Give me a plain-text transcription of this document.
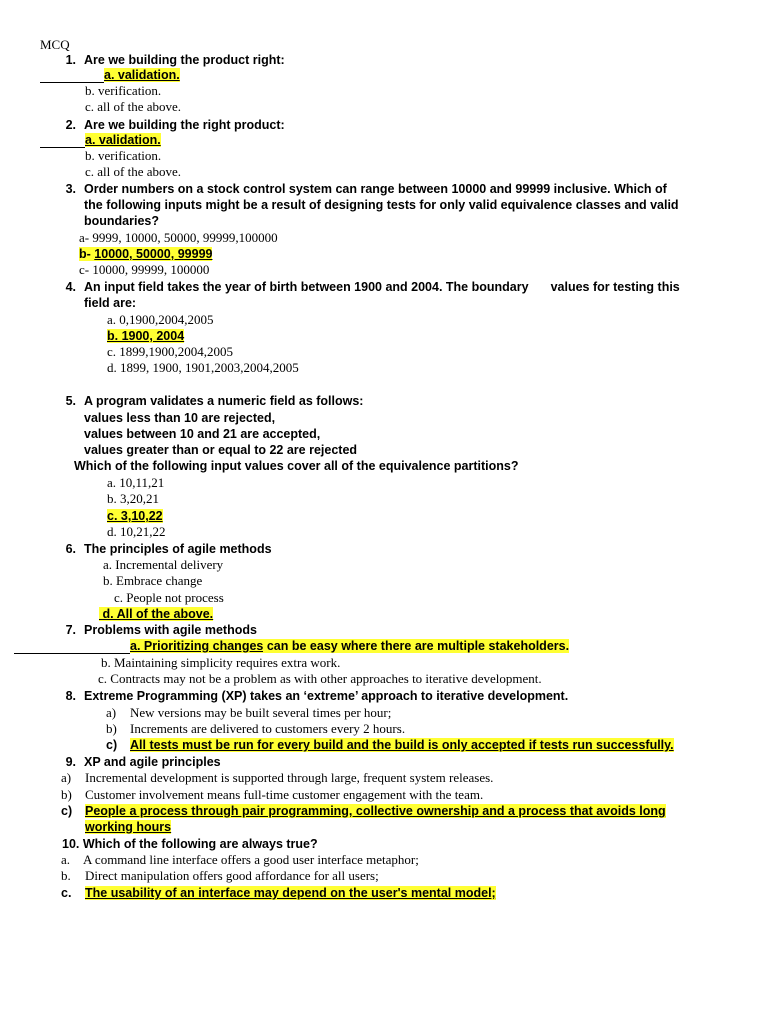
MCQ
1. Are we building the product right:
a. validation.
b. verification.
c. all of the above.
2. Are we building the right product:
a. validation.
b. verification.
c. all of the above.
3. Order numbers on a stock control system can range between 10000 and 99999 inclusive. Which of
the following inputs might be a result of designing tests for only valid equivalence classes and valid
boundaries?
a- 9999, 10000, 50000, 99999,100000
b- 10000, 50000, 99999
c- 10000, 99999, 100000
4. An input field takes the year of birth between 1900 and 2004. The boundary values for testing this
field are:
a. 0,1900,2004,2005
b. 1900, 2004
c. 1899,1900,2004,2005
d. 1899, 1900, 1901,2003,2004,2005
5. A program validates a numeric field as follows:
values less than 10 are rejected,
values between 10 and 21 are accepted,
values greater than or equal to 22 are rejected
Which of the following input values cover all of the equivalence partitions?
a. 10,11,21
b. 3,20,21
c. 3,10,22
d. 10,21,22
6. The principles of agile methods
a. Incremental delivery
b. Embrace change
c. People not process
d. All of the above.
7. Problems with agile methods
a. Prioritizing changes can be easy where there are multiple stakeholders.
b. Maintaining simplicity requires extra work.
c. Contracts may not be a problem as with other approaches to iterative development.
8. Extreme Programming (XP) takes an ‘extreme’ approach to iterative development.
a) New versions may be built several times per hour;
b) Increments are delivered to customers every 2 hours.
c) All tests must be run for every build and the build is only accepted if tests run successfully.
9. XP and agile principles
a) Incremental development is supported through large, frequent system releases.
b) Customer involvement means full-time customer engagement with the team.
c) People a process through pair programming, collective ownership and a process that avoids long
working hours
10. Which of the following are always true?
a. A command line interface offers a good user interface metaphor;
b. Direct manipulation offers good affordance for all users;
c. The usability of an interface may depend on the user's mental model;
